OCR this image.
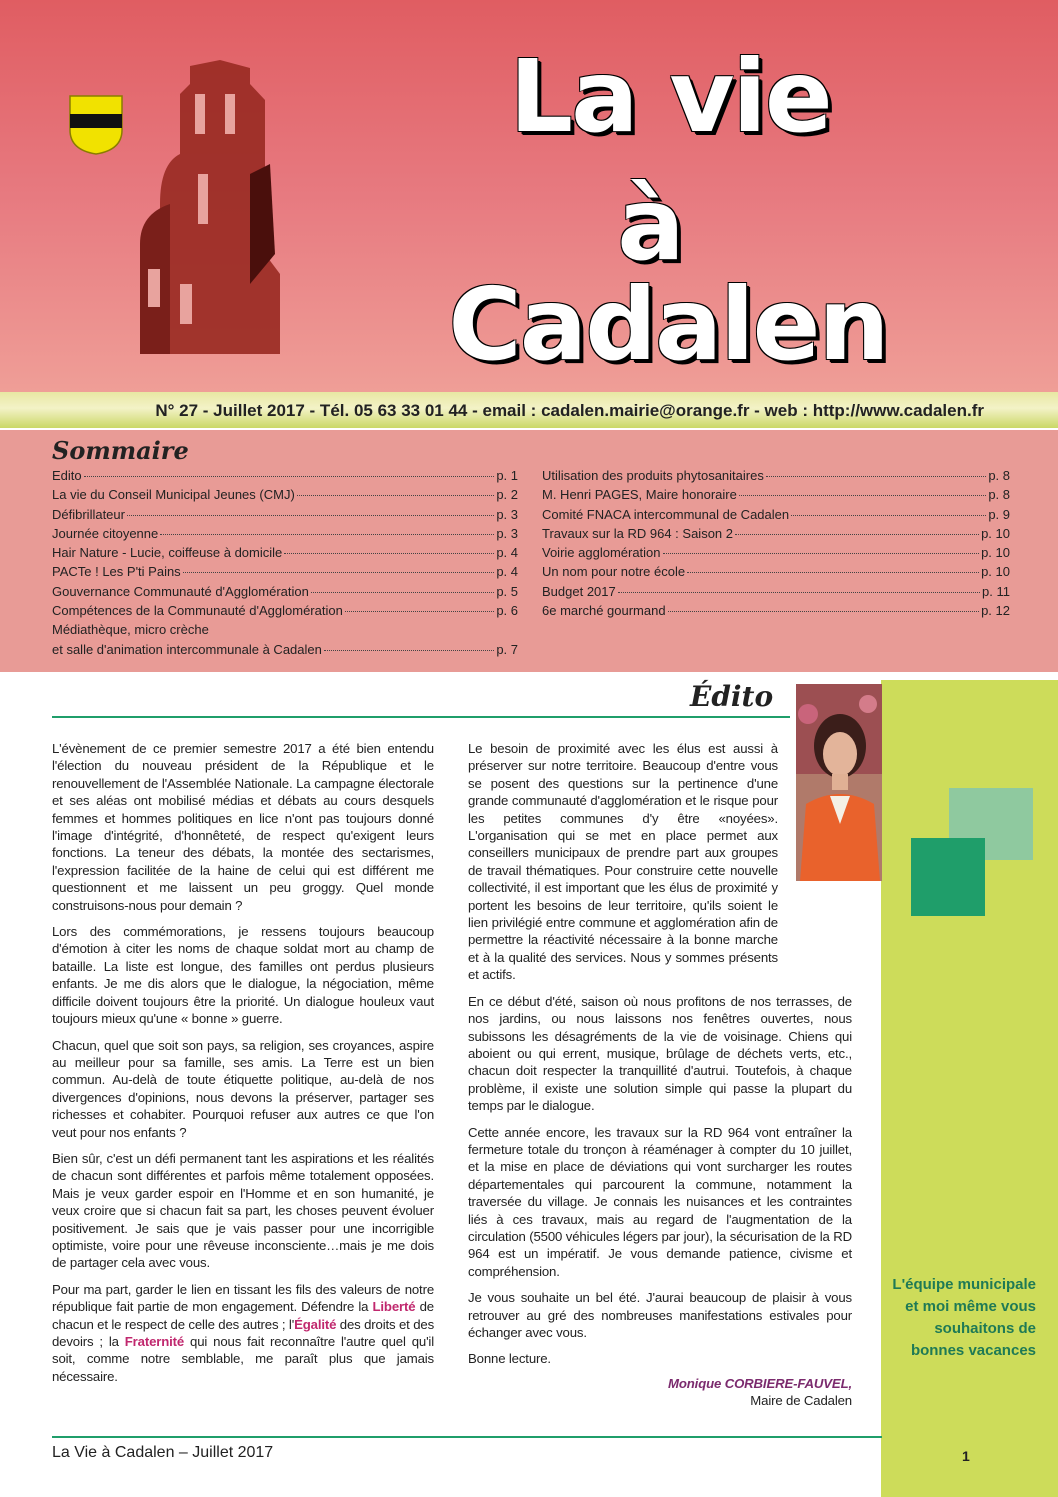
La vie
à
Cadalen
N° 27 - Juillet 2017 - Tél. 05 63 33 01 44 - email : cadalen.mairie@orange.fr - web : http://www.cadalen.fr
Sommaire
Edito	p. 1
La vie du Conseil Municipal Jeunes (CMJ)	p. 2
Défibrillateur	p. 3
Journée citoyenne	p. 3
Hair Nature - Lucie, coiffeuse à domicile	p. 4
PACTe ! Les P'ti Pains	p. 4
Gouvernance Communauté d'Agglomération	p. 5
Compétences de la Communauté d'Agglomération	p. 6
Médiathèque, micro crèche
et salle d'animation intercommunale à Cadalen	p. 7
Utilisation des produits phytosanitaires	p. 8
M. Henri PAGES, Maire honoraire	p. 8
Comité FNACA intercommunal de Cadalen	p. 9
Travaux sur la RD 964 : Saison 2	p. 10
Voirie agglomération	p. 10
Un nom pour notre école	p. 10
Budget 2017	p. 11
6e marché gourmand	p. 12
Édito

L'évènement de ce premier semestre 2017 a été bien entendu l'élection du nouveau président de la République et le renouvellement de l'Assemblée Nationale. La campagne électorale et ses aléas ont mobilisé médias et débats au cours desquels femmes et hommes politiques en lice n'ont pas toujours donné l'image d'intégrité, d'honnêteté, de respect qu'exigent leurs fonctions. La teneur des débats, la montée des sectarismes, l'expression facilitée de la haine de celui qui est différent me questionnent et me laissent un peu groggy. Quel monde construisons-nous pour demain ?

Lors des commémorations, je ressens toujours beaucoup d'émotion à citer les noms de chaque soldat mort au champ de bataille. La liste est longue, des familles ont perdus plusieurs enfants. Je me dis alors que le dialogue, la négociation, même difficile doivent toujours être la priorité. Un dialogue houleux vaut toujours mieux qu'une « bonne » guerre.

Chacun, quel que soit son pays, sa religion, ses croyances, aspire au meilleur pour sa famille, ses amis. La Terre est un bien commun. Au-delà de toute étiquette politique, au-delà de nos divergences d'opinions, nous devons la préserver, partager ses richesses et cohabiter. Pourquoi refuser aux autres ce que l'on veut pour nos enfants ?

Bien sûr, c'est un défi permanent tant les aspirations et les réalités de chacun sont différentes et parfois même totalement opposées. Mais je veux garder espoir en l'Homme et en son humanité, je veux croire que si chacun fait sa part, les choses peuvent évoluer positivement. Je sais que je vais passer pour une incorrigible optimiste, voire pour une rêveuse inconsciente…mais je me dois de partager cela avec vous.

Pour ma part, garder le lien en tissant les fils des valeurs de notre république fait partie de mon engagement. Défendre la Liberté de chacun et le respect de celle des autres ; l'Égalité des droits et des devoirs ; la Fraternité qui nous fait reconnaître l'autre quel qu'il soit, comme notre semblable, me paraît plus que jamais nécessaire.

Le besoin de proximité avec les élus est aussi à préserver sur notre territoire. Beaucoup d'entre vous se posent des questions sur la pertinence d'une grande communauté d'agglomération et le risque pour les petites communes d'y être «noyées». L'organisation qui se met en place permet aux conseillers municipaux de prendre part aux groupes de travail thématiques. Pour construire cette nouvelle collectivité, il est important que les élus de proximité y portent les besoins de leur territoire, qu'ils soient le lien privilégié entre commune et agglomération afin de permettre la réactivité nécessaire à la bonne marche et à la qualité des services. Nous y sommes présents et actifs.

En ce début d'été, saison où nous profitons de nos terrasses, de nos jardins, ou nous laissons nos fenêtres ouvertes, nous subissons les désagréments de la vie de voisinage. Chiens qui aboient ou qui errent, musique, brûlage de déchets verts, etc., chacun doit respecter la tranquillité d'autrui. Toutefois, à chaque problème, il existe une solution simple qui passe la plupart du temps par le dialogue.

Cette année encore, les travaux sur la RD 964 vont entraîner la fermeture totale du tronçon à réaménager à compter du 10 juillet, et la mise en place de déviations qui vont surcharger les routes départementales qui parcourent la commune, notamment la traversée du village. Je connais les nuisances et les contraintes liés à ces travaux, mais au regard de l'augmentation de la circulation (5500 véhicules légers par jour), la sécurisation de la RD 964 est un impératif. Je vous demande patience, civisme et compréhension.

Je vous souhaite un bel été. J'aurai beaucoup de plaisir à vous retrouver au gré des nombreuses manifestations estivales pour échanger avec vous.

Bonne lecture.

Monique CORBIERE-FAUVEL,
Maire de Cadalen
L'équipe municipale et moi même vous souhaitons de bonnes vacances
La Vie à Cadalen – Juillet 2017	1
